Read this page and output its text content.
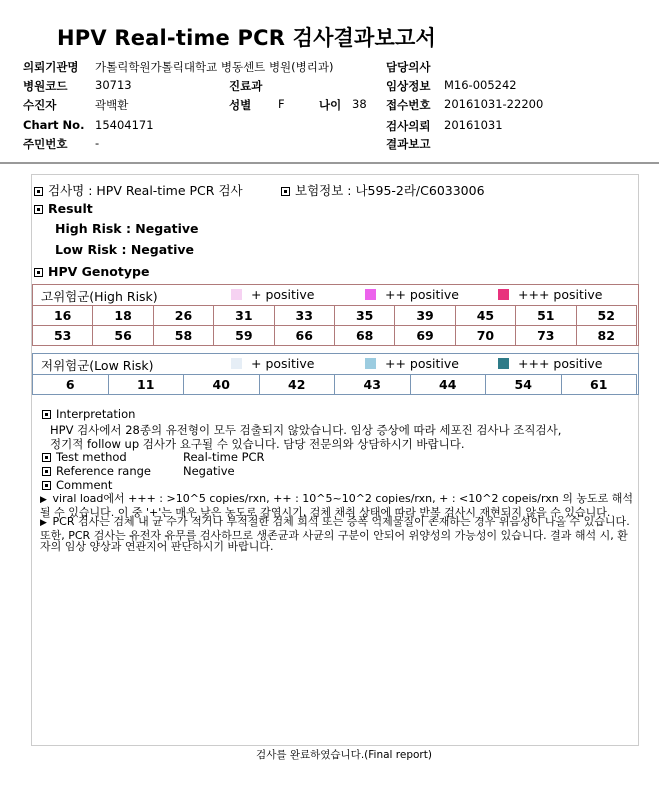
HPV Real-time PCR 검사결과보고서
의뢰기관명 가톨릭학원가톨릭대학교 병동센트 병원(병리과)	담당의사
병원코드 30713	진료과	임상정보 M16-005242
수진자	곽백환	성별 F	나이 38 접수번호 20161031-22200
Chart No. 15404171	검사의뢰 20161031
주민번호 -	결과보고
검사명 : HPV Real-time PCR 검사	보험정보 : 나595-2라/C6033006
Result
High Risk : Negative
Low Risk : Negative
HPV Genotype
고위험군(High Risk)	+ positive	++ positive	+++ positive
16	18	26	31	33	35	39	45	51	52
53	56	58	59	66	68	69	70	73	82
저위험군(Low Risk)	+ positive	++ positive	+++ positive
6	11	40	42	43	44	54	61
Interpretation
HPV 검사에서 28종의 유전형이 모두 검출되지 않았습니다. 임상 증상에 따라 세포진 검사나 조직검사,
정기적 follow up 검사가 요구될 수 있습니다. 담당 전문의와 상담하시기 바랍니다.
Test method	Real-time PCR
Reference range	Negative
Comment
▶ viral load에서 +++ : >10^5 copies/rxn, ++ : 10^5~10^2 copies/rxn, + : <10^2 copeis/rxn 의 농도로 해석될 수 있습니다. 이 중 '+'는 매우 낮은 농도로 감염시기, 검체 채취 상태에 따라 반복 검사시 재현되지 않을 수 있습니다.
▶ PCR 검사는 검체 내 균 수가 적거나 부적절한 검체 희석 또는 증폭 억제물질이 존재하는 경우 위음성이 나올 수 있습니다. 또한, PCR 검사는 유전자 유무를 검사하므로 생존균과 사균의 구분이 안되어 위양성의 가능성이 있습니다. 결과 해석 시, 환자의 임상 양상과 연관지어 판단하시기 바랍니다.
검사를 완료하였습니다.(Final report)
